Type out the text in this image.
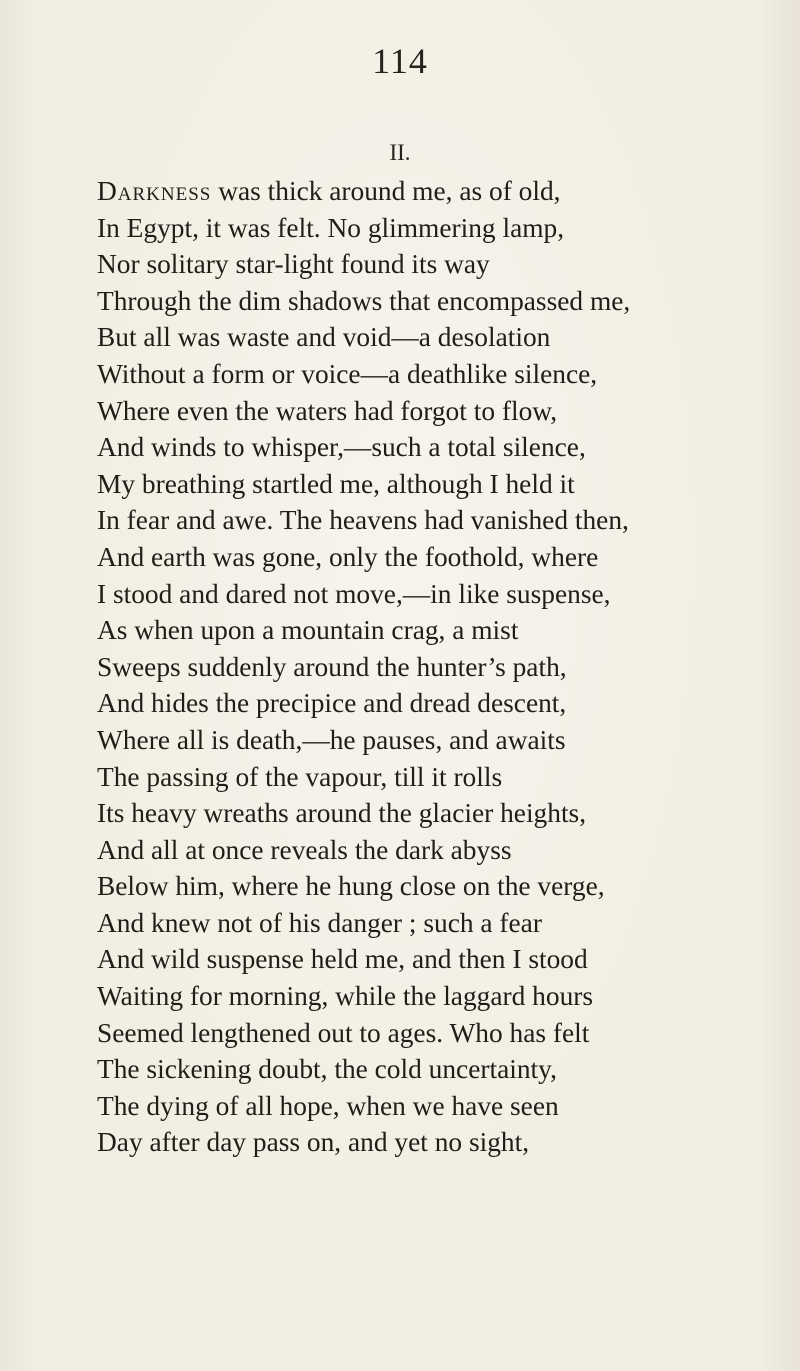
114
II.
Darkness was thick around me, as of old,
In Egypt, it was felt. No glimmering lamp,
Nor solitary star-light found its way
Through the dim shadows that encompassed me,
But all was waste and void—a desolation
Without a form or voice—a deathlike silence,
Where even the waters had forgot to flow,
And winds to whisper,—such a total silence,
My breathing startled me, although I held it
In fear and awe. The heavens had vanished then,
And earth was gone, only the foothold, where
I stood and dared not move,—in like suspense,
As when upon a mountain crag, a mist
Sweeps suddenly around the hunter’s path,
And hides the precipice and dread descent,
Where all is death,—he pauses, and awaits
The passing of the vapour, till it rolls
Its heavy wreaths around the glacier heights,
And all at once reveals the dark abyss
Below him, where he hung close on the verge,
And knew not of his danger ; such a fear
And wild suspense held me, and then I stood
Waiting for morning, while the laggard hours
Seemed lengthened out to ages. Who has felt
The sickening doubt, the cold uncertainty,
The dying of all hope, when we have seen
Day after day pass on, and yet no sight,
